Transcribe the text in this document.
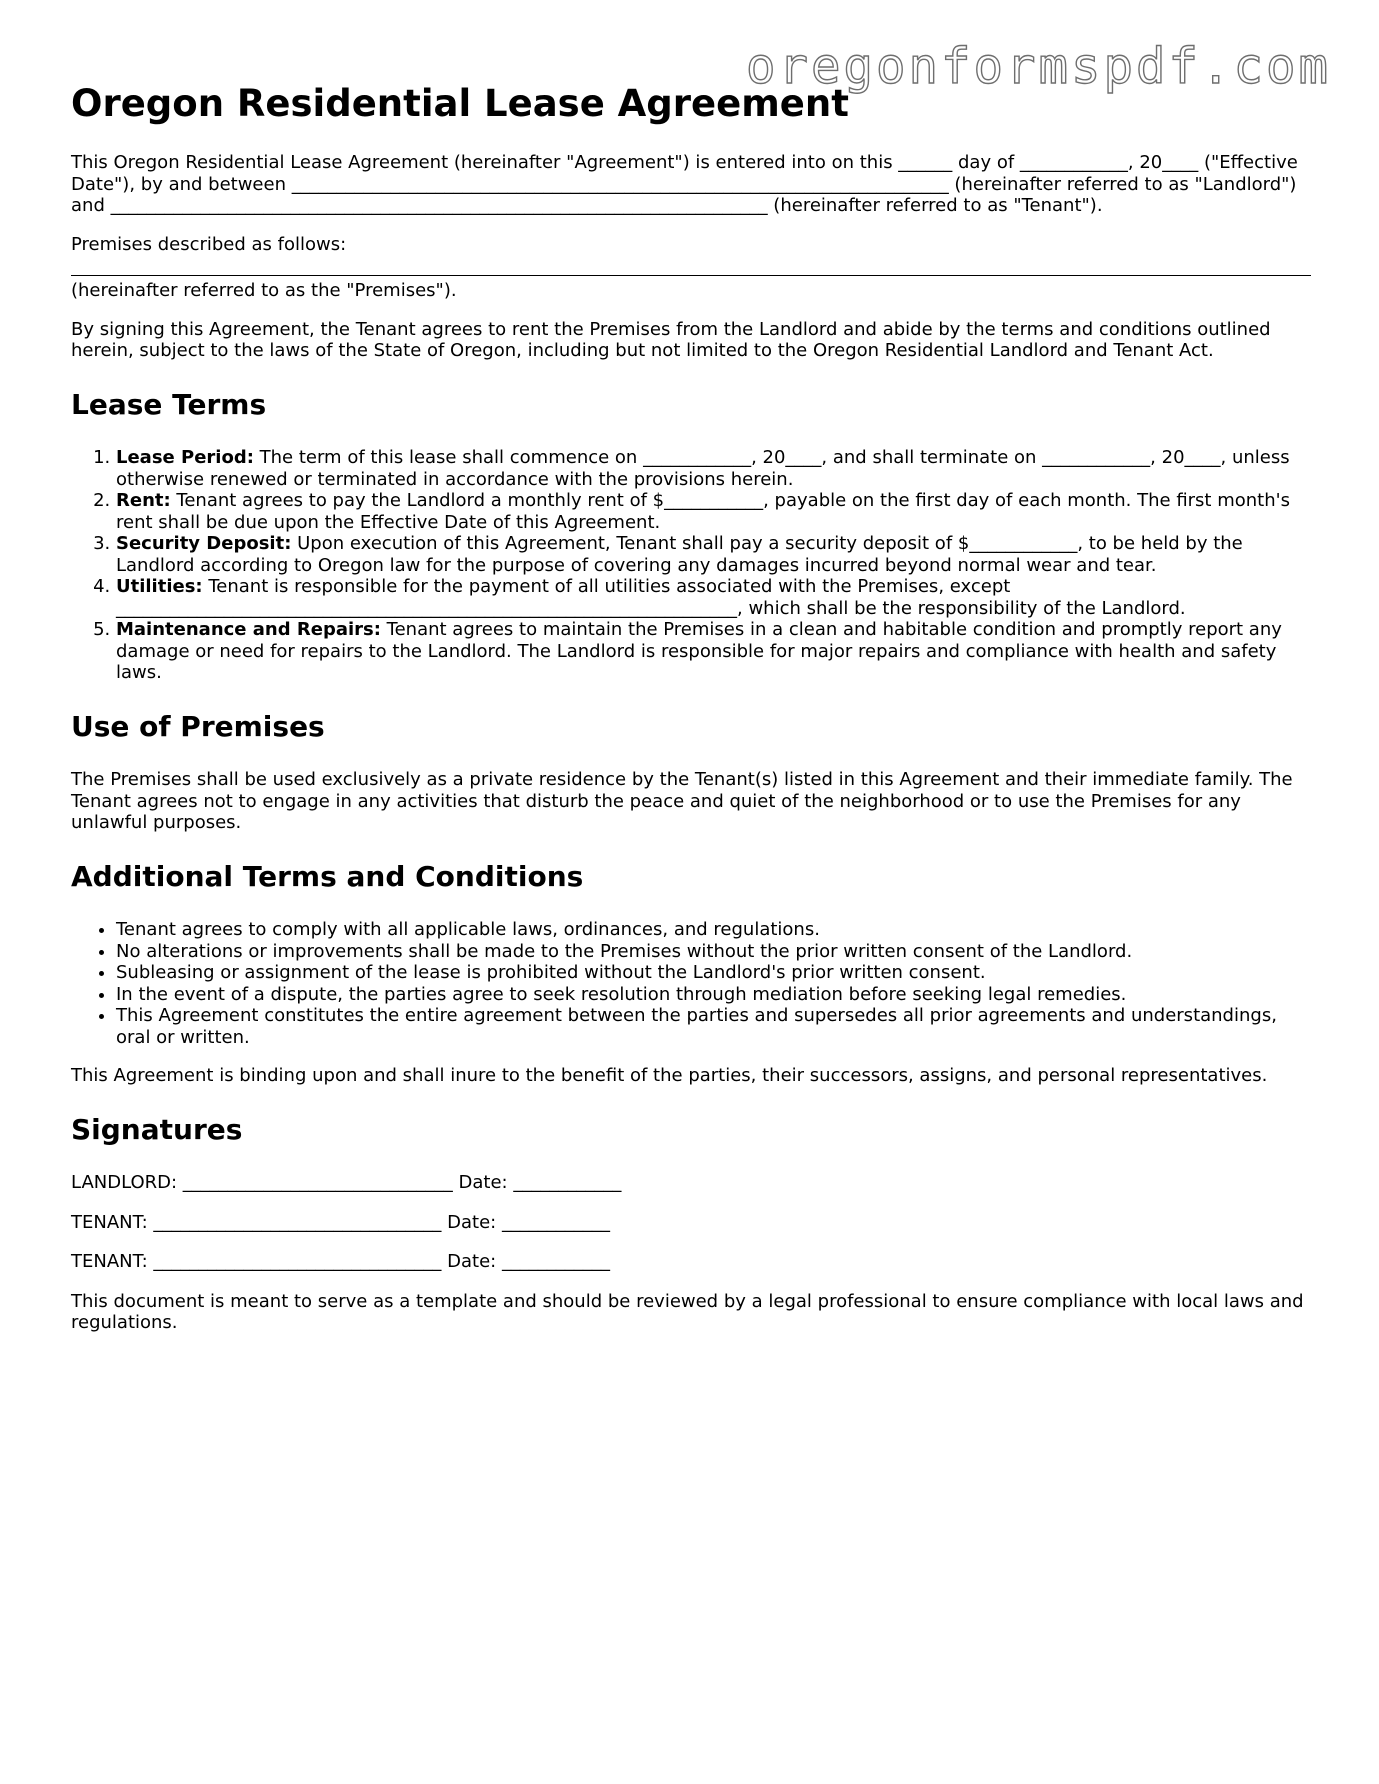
oregonformspdf.com
Oregon Residential Lease Agreement

This Oregon Residential Lease Agreement (hereinafter "Agreement") is entered into on this ______ day of ____________, 20____ ("Effective Date"), by and between _________________________________________________________________________ (hereinafter referred to as "Landlord") and _________________________________________________________________________ (hereinafter referred to as "Tenant").

Premises described as follows:
(hereinafter referred to as the "Premises").

By signing this Agreement, the Tenant agrees to rent the Premises from the Landlord and abide by the terms and conditions outlined herein, subject to the laws of the State of Oregon, including but not limited to the Oregon Residential Landlord and Tenant Act.

Lease Terms
1. Lease Period: The term of this lease shall commence on ____________, 20____, and shall terminate on ____________, 20____, unless otherwise renewed or terminated in accordance with the provisions herein.
2. Rent: Tenant agrees to pay the Landlord a monthly rent of $___________, payable on the first day of each month. The first month's rent shall be due upon the Effective Date of this Agreement.
3. Security Deposit: Upon execution of this Agreement, Tenant shall pay a security deposit of $____________, to be held by the Landlord according to Oregon law for the purpose of covering any damages incurred beyond normal wear and tear.
4. Utilities: Tenant is responsible for the payment of all utilities associated with the Premises, except _____________________________________________________________________, which shall be the responsibility of the Landlord.
5. Maintenance and Repairs: Tenant agrees to maintain the Premises in a clean and habitable condition and promptly report any damage or need for repairs to the Landlord. The Landlord is responsible for major repairs and compliance with health and safety laws.
Use of Premises

The Premises shall be used exclusively as a private residence by the Tenant(s) listed in this Agreement and their immediate family. The Tenant agrees not to engage in any activities that disturb the peace and quiet of the neighborhood or to use the Premises for any unlawful purposes.

Additional Terms and Conditions
• Tenant agrees to comply with all applicable laws, ordinances, and regulations.
• No alterations or improvements shall be made to the Premises without the prior written consent of the Landlord.
• Subleasing or assignment of the lease is prohibited without the Landlord's prior written consent.
• In the event of a dispute, the parties agree to seek resolution through mediation before seeking legal remedies.
• This Agreement constitutes the entire agreement between the parties and supersedes all prior agreements and understandings, oral or written.

This Agreement is binding upon and shall inure to the benefit of the parties, their successors, assigns, and personal representatives.

Signatures
LANDLORD: ______________________________ Date: ____________
TENANT: ________________________________ Date: ____________
TENANT: ________________________________ Date: ____________

This document is meant to serve as a template and should be reviewed by a legal professional to ensure compliance with local laws and regulations.
